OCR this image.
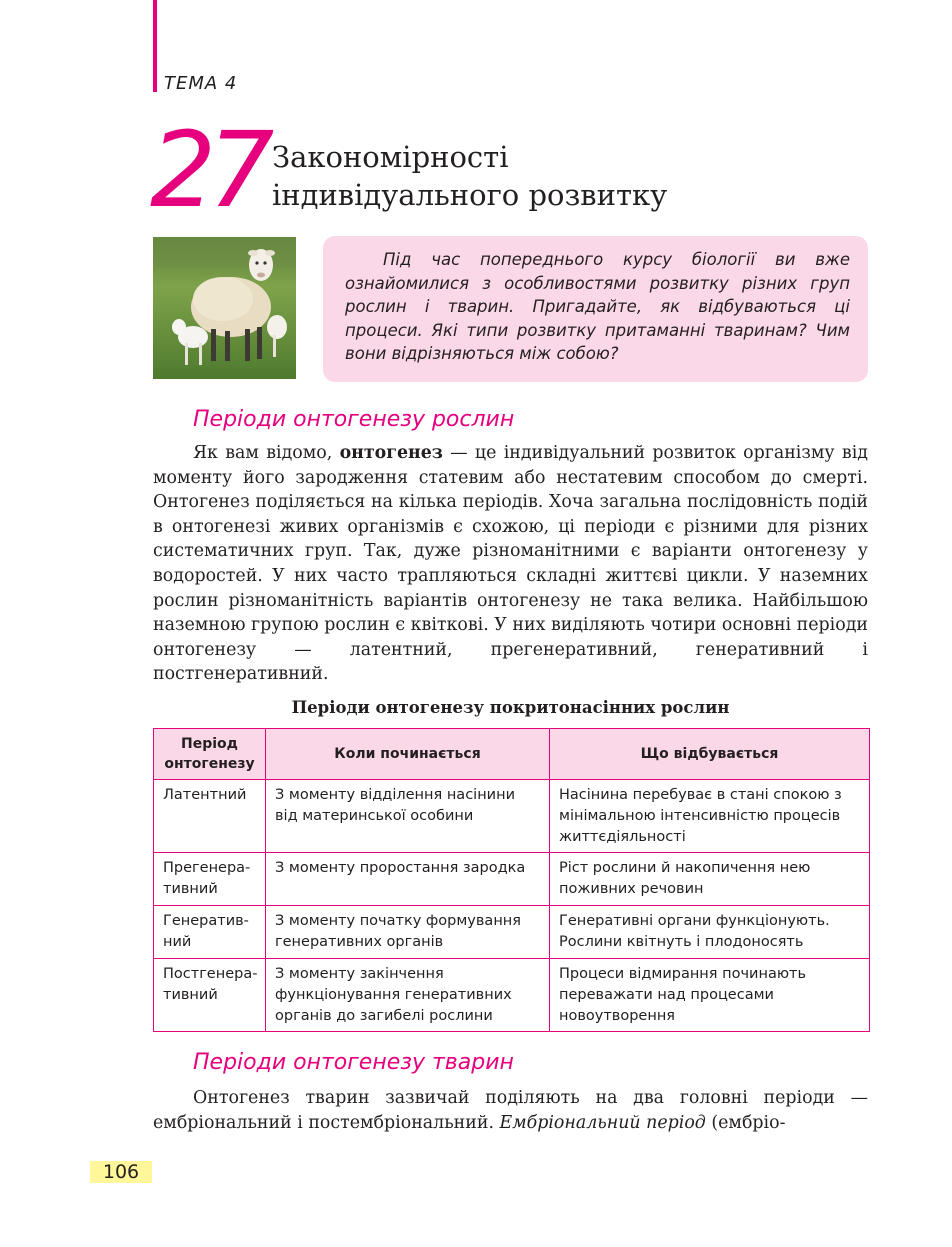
ТЕМА 4
27 Закономірності
індивідуального розвитку

Під час попереднього курсу біології ви вже ознайомилися з особливостями розвитку різних груп рослин і тварин. Пригадайте, як відбуваються ці процеси. Які типи розвитку притаманні тваринам? Чим вони відрізняються між собою?

Періоди онтогенезу рослин

Як вам відомо, онтогенез — це індивідуальний розвиток організму від моменту його зародження статевим або нестатевим способом до смерті. Онтогенез поділяється на кілька періодів. Хоча загальна послідовність подій в онтогенезі живих організмів є схожою, ці періоди є різними для різних систематичних груп. Так, дуже різноманітними є варіанти онтогенезу у водоростей. У них часто трапляються складні життєві цикли. У наземних рослин різноманітність варіантів онтогенезу не така велика. Найбільшою наземною групою рослин є квіткові. У них виділяють чотири основні періоди онтогенезу — латентний, прегенеративний, генеративний і постгенеративний.

Періоди онтогенезу покритонасінних рослин
Період онтогенезу	Коли починається	Що відбувається
Латентний	З моменту відділення насінини від материнської особини	Насінина перебуває в стані спокою з мінімальною інтенсивністю процесів життєдіяльності
Прегенера-тивний	З моменту проростання зародка	Ріст рослини й накопичення нею поживних речовин
Генератив-ний	З моменту початку формування генеративних органів	Генеративні органи функціонують. Рослини квітнуть і плодоносять
Постгенера-тивний	З моменту закінчення функціонування генеративних органів до загибелі рослини	Процеси відмирання починають переважати над процесами новоутворення
Періоди онтогенезу тварин

Онтогенез тварин зазвичай поділяють на два головні періоди — ембріональний і постембріональний. Ембріональний період (ембріо-

106
